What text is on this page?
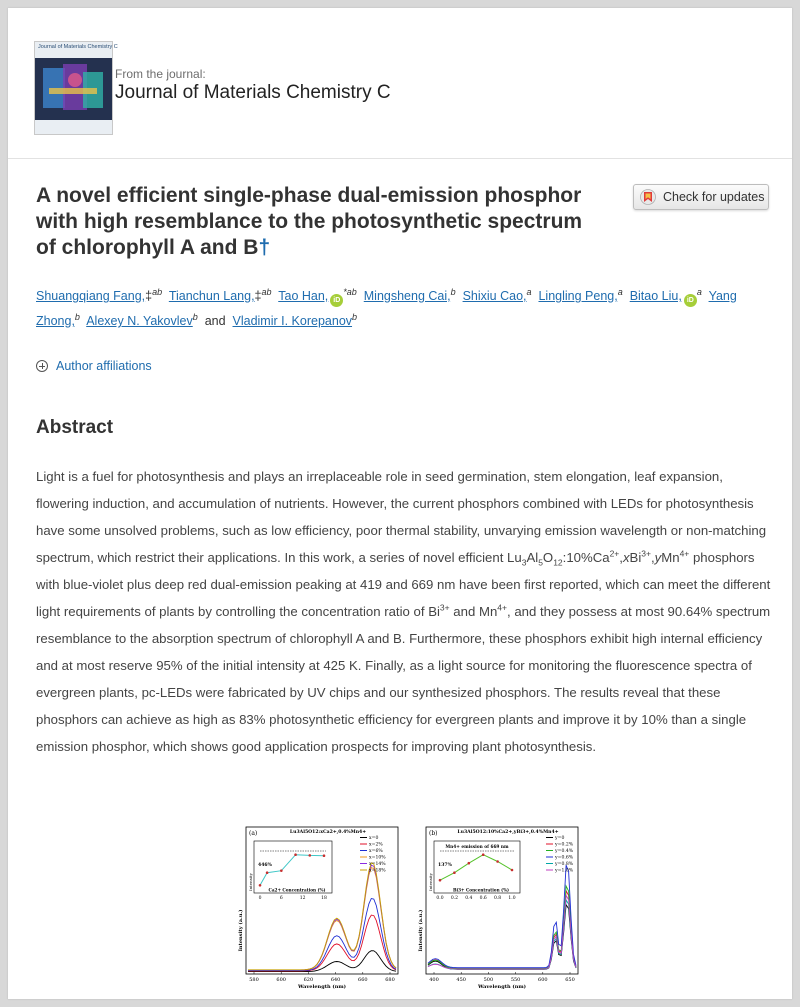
Journal of Materials Chemistry C
From the journal:
Journal of Materials Chemistry C
A novel efficient single-phase dual-emission phosphor with high resemblance to the photosynthetic spectrum of chlorophyll A and B†
Check for updates
Shuangqiang Fang,‡$^{ab}$ Tianchun Lang,‡$^{ab}$ Tao Han, iD$^{*ab}$ Mingsheng Cai,$^b$ Shixiu Cao,$^a$ Lingling Peng,$^a$ Bitao Liu, iD$^a$ Yang Zhong,$^b$ Alexey N. Yakovlev$^b$ and Vladimir I. Korepanov$^b$
Author affiliations
Abstract

Light is a fuel for photosynthesis and plays an irreplaceable role in seed germination, stem elongation, leaf expansion, flowering induction, and accumulation of nutrients. However, the current phosphors combined with LEDs for photosynthesis have some unsolved problems, such as low efficiency, poor thermal stability, unvarying emission wavelength or non-matching spectrum, which restrict their applications. In this work, a series of novel efficient $Lu_3Al_5O_{12}:10\%Ca^{2+},xBi^{3+},yMn^{4+}$ phosphors with blue-violet plus deep red dual-emission peaking at 419 and 669 nm have been first reported, which can meet the different light requirements of plants by controlling the concentration ratio of $Bi^{3+}$ and $Mn^{4+}$, and they possess at most 90.64% spectrum resemblance to the absorption spectrum of chlorophyll A and B. Furthermore, these phosphors exhibit high internal efficiency and at most reserve 95% of the initial intensity at 425 K. Finally, as a light source for monitoring the fluorescence spectra of evergreen plants, pc-LEDs were fabricated by UV chips and our synthesized phosphors. The results reveal that these phosphors can achieve as high as 83% photosynthetic efficiency for evergreen plants and improve it by 10% than a single emission phosphor, which shows good application prospects for improving plant photosynthesis.

(a)	Lu3Al5O12:xCa2+,0.4%Mn4+
580	600	620	640	660	680
Wavelength (nm)
Intensity (a.u.)
x=0
x=2%
x=6%
x=10%
x=14%
x=18%
446%
0	6	12	18
Ca2+ Concentration (%)
Intensity
(b)	Lu3Al5O12:10%Ca2+,yBi3+,0.4%Mn4+
400	450	500	550	600	650
Wavelength (nm)
Intensity (a.u.)
y=0
y=0.2%
y=0.4%
y=0.6%
y=0.8%
y=1.0%
Mn4+ emission of 669 nm
137%
0.0 0.2 0.4 0.6 0.8 1.0
Bi3+ Concentration (%)
Intensity
